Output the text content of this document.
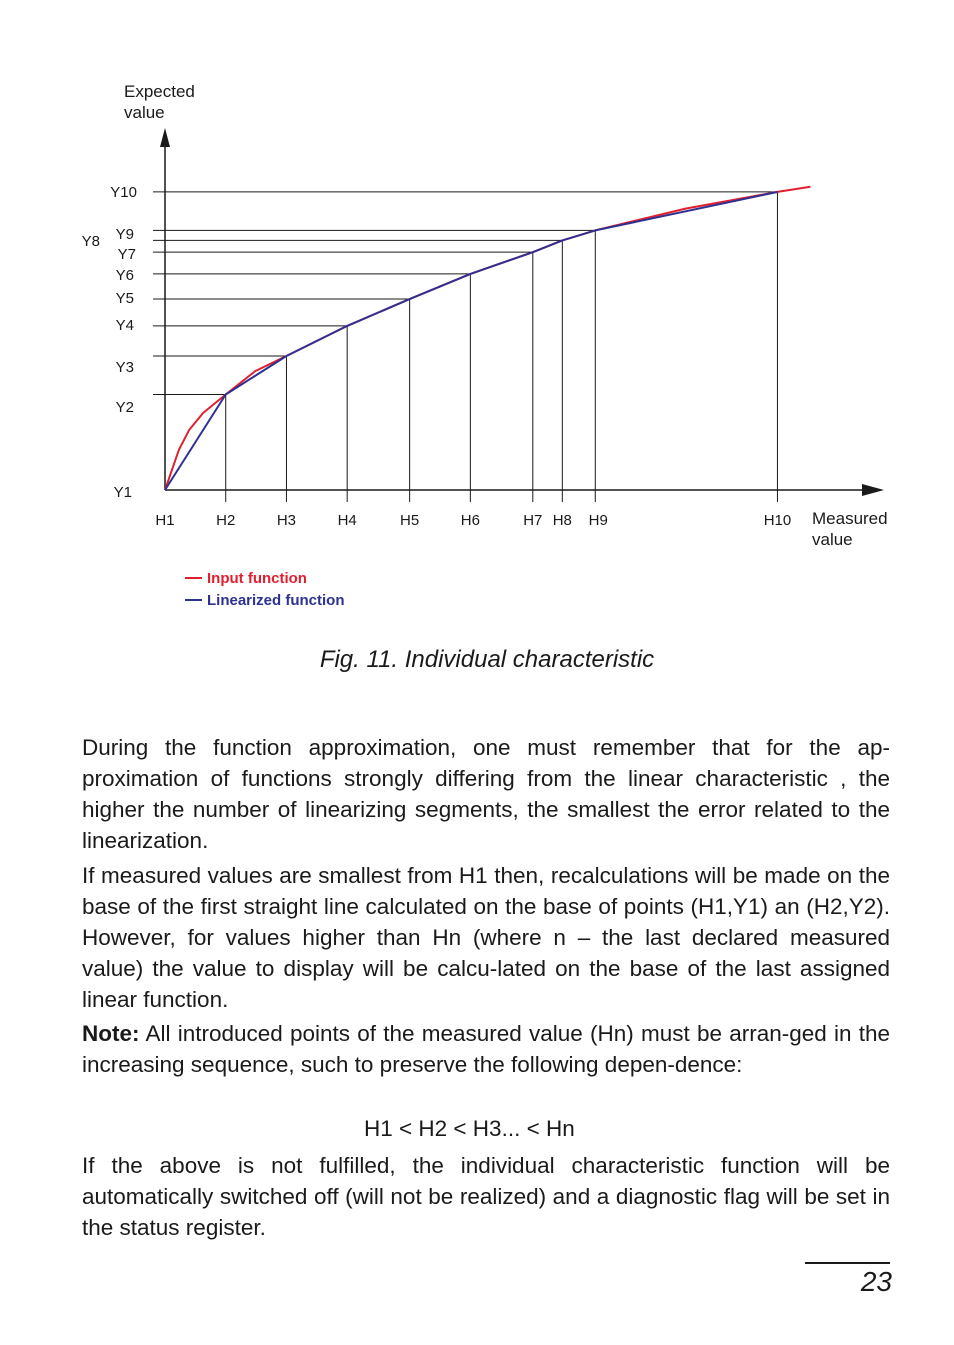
Y1
Y2
Y3
Y4
Y5
Y6
Y7
Y8 Y9
Y10
H1	H2	H3	H4	H5	H6	H7 H8 H9	H10
Expected
value
Measured
value
Input function
Linearized function
Fig. 11. Individual characteristic

During the function approximation, one must remember that for the ap-proximation of functions strongly differing from the linear characteristic , the higher the number of linearizing segments, the smallest the error related to the linearization.

If measured values are smallest from H1 then, recalculations will be made on the base of the first straight line calculated on the base of points (H1,Y1) an (H2,Y2). However, for values higher than Hn (where n – the last declared measured value) the value to display will be calcu-lated on the base of the last assigned linear function.

Note: All introduced points of the measured value (Hn) must be arran-ged in the increasing sequence, such to preserve the following depen-dence:

H1 < H2 < H3... < Hn

If the above is not fulfilled, the individual characteristic function will be automatically switched off (will not be realized) and a diagnostic flag will be set in the status register.

23
